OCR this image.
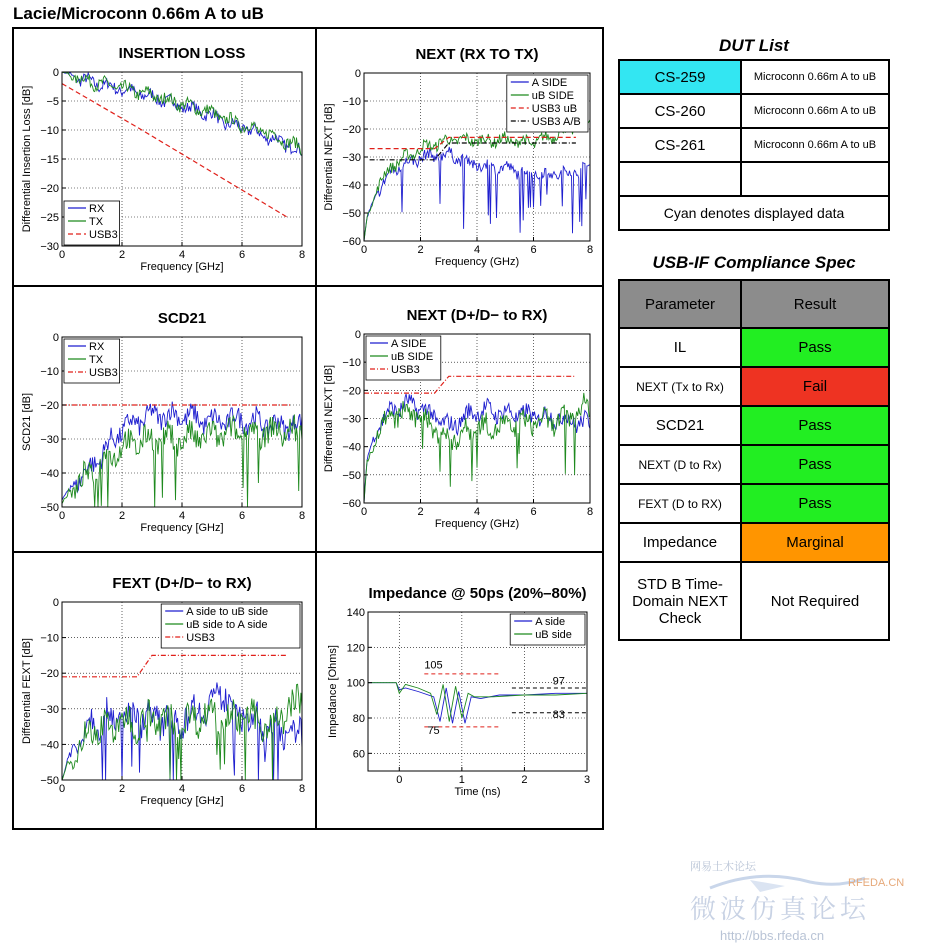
Lacie/Microconn 0.66m A to uB
INSERTION LOSS
0	2	4	6	8
0
−5
−10
−15
−20
−25
−30
Frequency [GHz]
Differential Insertion Loss [dB]	RX
TX
USB3
NEXT (RX TO TX)
0	2	4	6	8
0
−10
−20
−30
−40
−50
−60
Frequency (GHz)
Differential NEXT [dB]
A SIDE
uB SIDE
USB3 uB
USB3 A/B
SCD21
0	2	4	6	8
0
−10
−20
−30
−40
−50
Frequency [GHz]
SCD21 [dB]
RX
TX
USB3
NEXT (D+/D− to RX)
0	2	4	6	8
0
−10
−20
−30
−40
−50
−60
Frequency (GHz)
Differential NEXT [dB]
A SIDE
uB SIDE
USB3
FEXT (D+/D− to RX)
0	2	4	6	8
0
−10
−20
−30
−40
−50
Frequency [GHz]
Differential FEXT [dB]
A side to uB side
uB side to A side
USB3
Impedance @ 50ps (20%–80%)
105
75
97
83
0	1	2	3
60
80
100
120
140
Time (ns)
Impedance [Ohms]
A side
uB side
DUT List
CS-259	Microconn 0.66m A to uB
CS-260	Microconn 0.66m A to uB
CS-261	Microconn 0.66m A to uB

Cyan denotes displayed data	
USB-IF Compliance Spec
Parameter	Result
IL	Pass
NEXT (Tx to Rx)	Fail
SCD21	Pass
NEXT (D to Rx)	Pass
FEXT (D to RX)	Pass
Impedance	Marginal
STD B Time-Domain NEXT Check	Not Required
网易土木论坛
RFEDA.CN
微波仿真论坛
http://bbs.rfeda.cn
